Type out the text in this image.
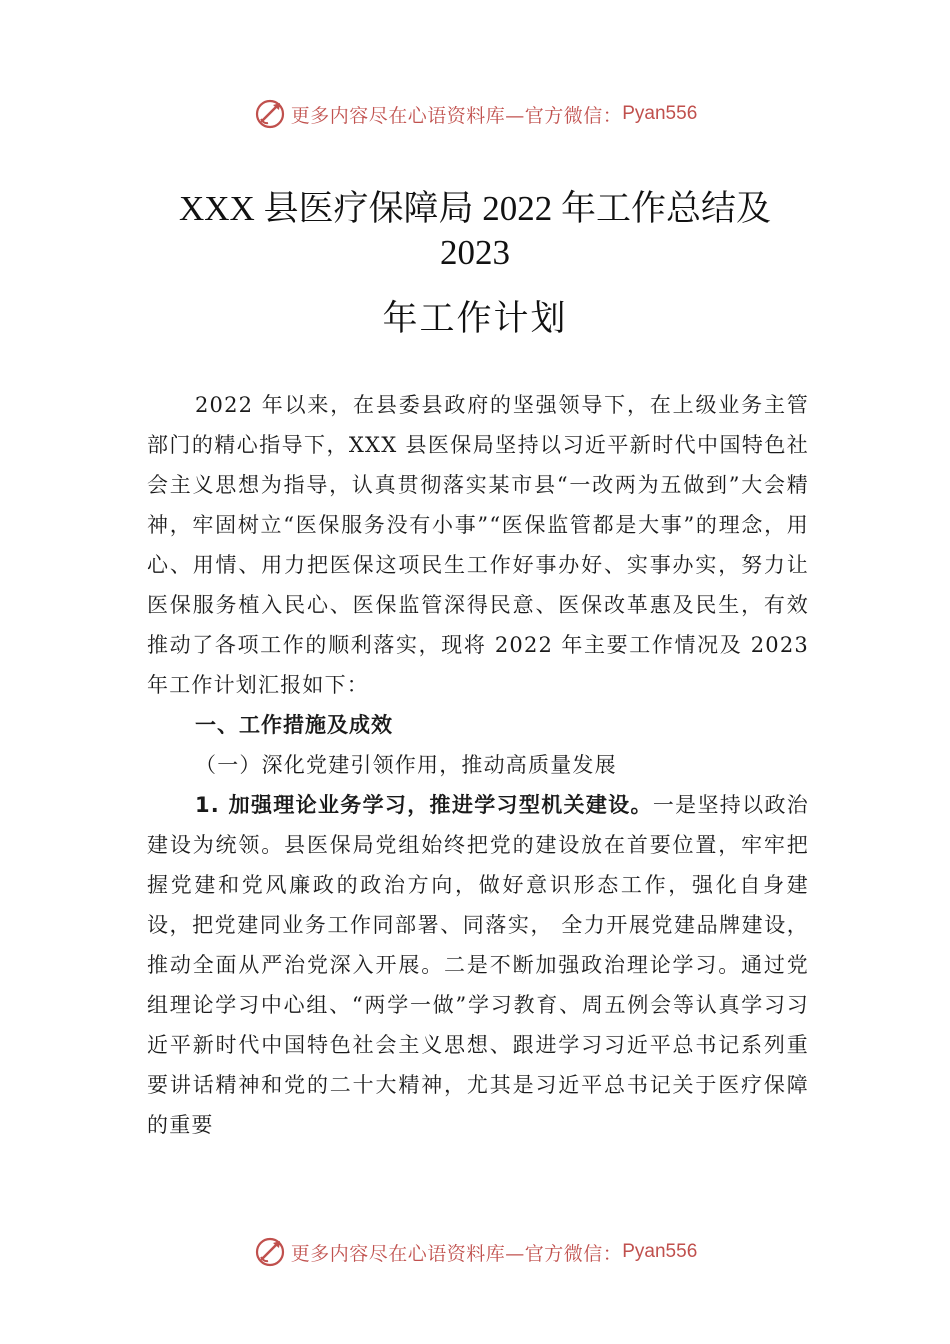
更多内容尽在心语资料库—官方微信： Pyan556
XXX 县医疗保障局 2022 年工作总结及
2023
年工作计划

2022 年以来，在县委县政府的坚强领导下，在上级业务主管部门的精心指导下，XXX 县医保局坚持以习近平新时代中国特色社会主义思想为指导，认真贯彻落实某市县“一改两为五做到”大会精神，牢固树立“医保服务没有小事”“医保监管都是大事”的理念，用心、用情、用力把医保这项民生工作好事办好、实事办实，努力让医保服务植入民心、医保监管深得民意、医保改革惠及民生，有效推动了各项工作的顺利落实，现将 2022 年主要工作情况及 2023 年工作计划汇报如下：

一、工作措施及成效

（一）深化党建引领作用，推动高质量发展

1. 加强理论业务学习，推进学习型机关建设。一是坚持以政治建设为统领。县医保局党组始终把党的建设放在首要位置，牢牢把握党建和党风廉政的政治方向，做好意识形态工作，强化自身建设，把党建同业务工作同部署、同落实， 全力开展党建品牌建设，推动全面从严治党深入开展。二是不断加强政治理论学习。通过党组理论学习中心组、“两学一做”学习教育、周五例会等认真学习习近平新时代中国特色社会主义思想、跟进学习习近平总书记系列重要讲话精神和党的二十大精神，尤其是习近平总书记关于医疗保障的重要

更多内容尽在心语资料库—官方微信： Pyan556
